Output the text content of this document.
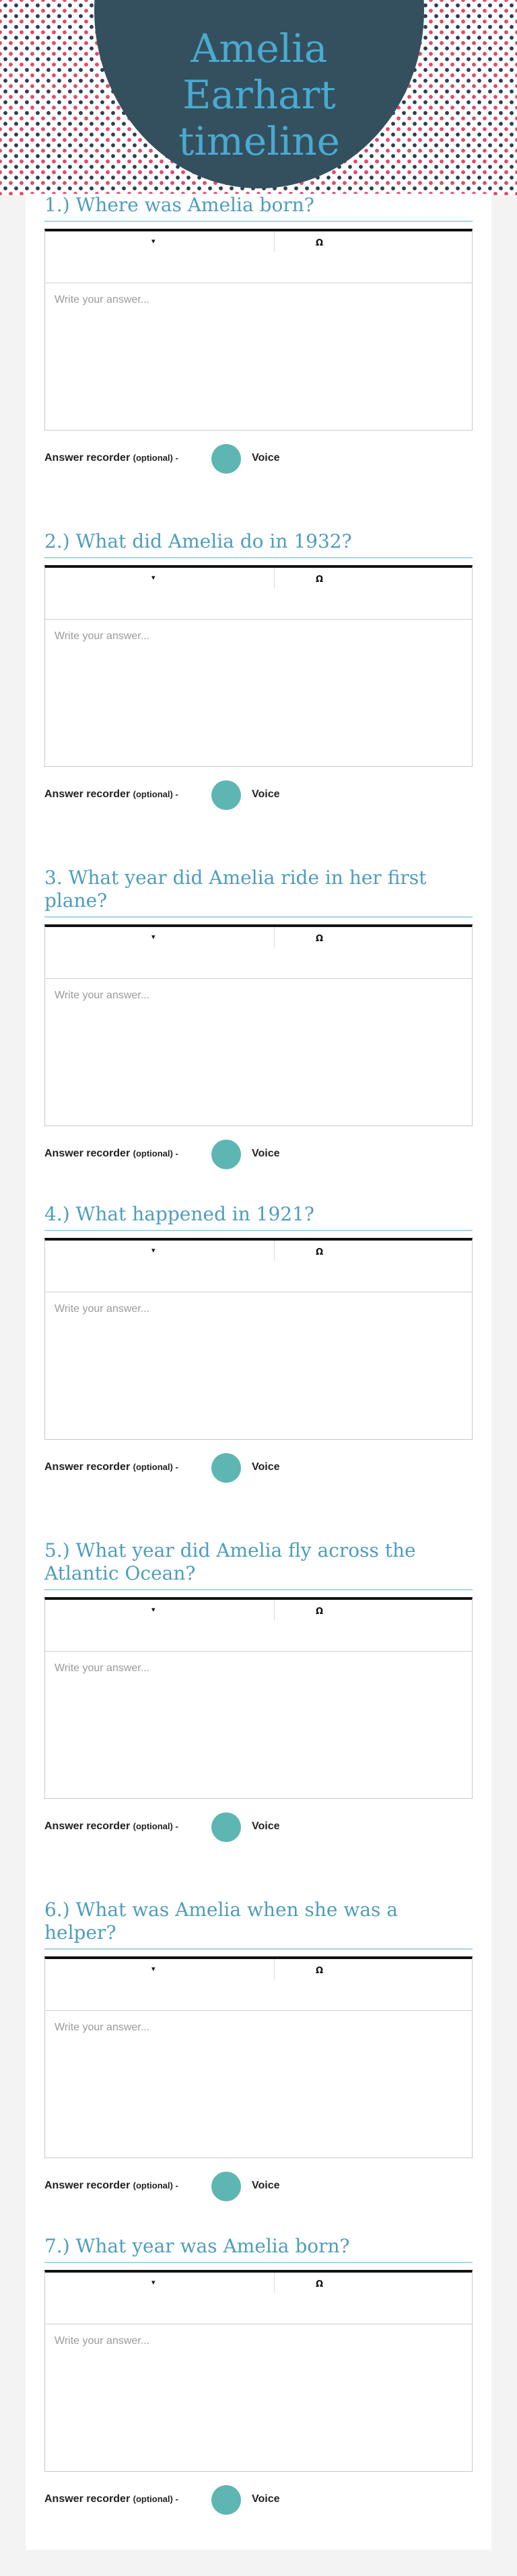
Amelia Earhart timeline
1.) Where was Amelia born?
▾	Ω
Write your answer...
Answer recorder (optional) -	Voice
2.) What did Amelia do in 1932?
▾	Ω
Write your answer...
Answer recorder (optional) -	Voice
3. What year did Amelia ride in her first plane?
▾	Ω
Write your answer...
Answer recorder (optional) -	Voice
4.) What happened in 1921?
▾	Ω
Write your answer...
Answer recorder (optional) -	Voice
5.) What year did Amelia fly across the Atlantic Ocean?
▾	Ω
Write your answer...
Answer recorder (optional) -	Voice
6.) What was Amelia when she was a helper?
▾	Ω
Write your answer...
Answer recorder (optional) -	Voice
7.) What year was Amelia born?
▾	Ω
Write your answer...
Answer recorder (optional) -	Voice
